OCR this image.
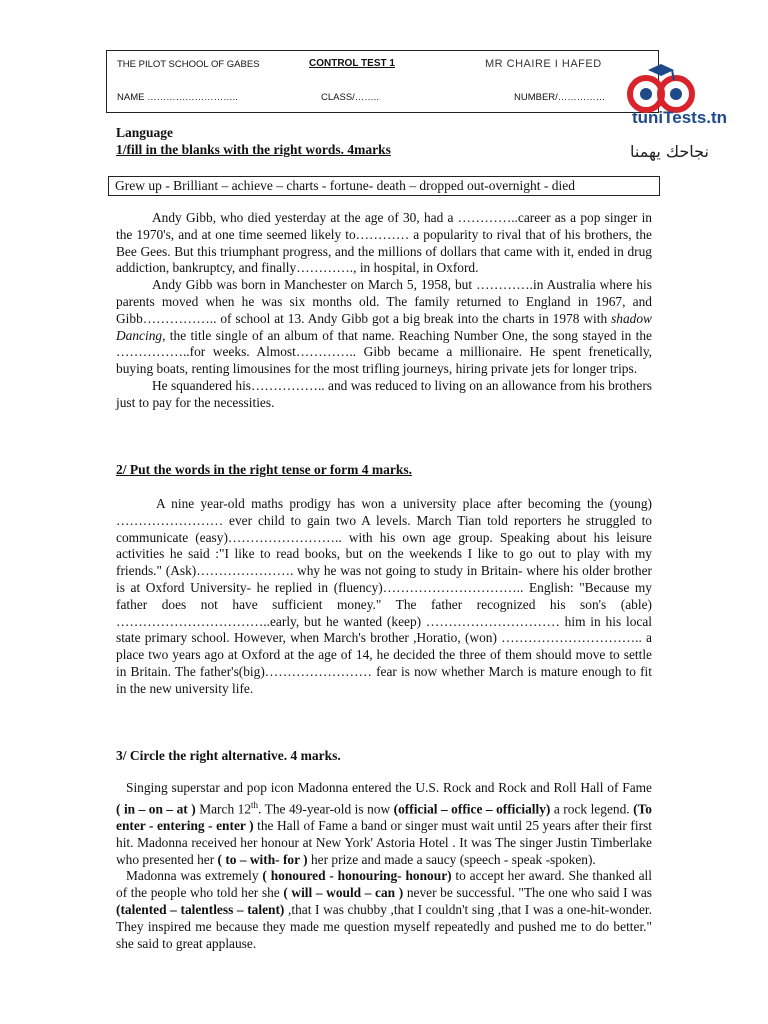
THE PILOT SCHOOL OF GABES	CONTROL TEST 1	MR CHAIRE I HAFED
NAME ………………………..	CLASS/……..	NUMBER/……………
tuniTests.tn
نجاحك يهمنا
Language
1/fill in the blanks with the right words. 4marks
Grew up - Brilliant – achieve – charts - fortune- death – dropped out-overnight - died

Andy Gibb, who died yesterday at the age of 30, had a …………..career as a pop singer in the 1970's, and at one time seemed likely to………… a popularity to rival that of his brothers, the Bee Gees. But this triumphant progress, and the millions of dollars that came with it, ended in drug addiction, bankruptcy, and finally…………., in hospital, in Oxford.

Andy Gibb was born in Manchester on March 5, 1958, but ………….in Australia where his parents moved when he was six months old. The family returned to England in 1967, and Gibb…………….. of school at 13. Andy Gibb got a big break into the charts in 1978 with shadow Dancing, the title single of an album of that name. Reaching Number One, the song stayed in the ……………..for weeks. Almost………….. Gibb became a millionaire. He spent frenetically, buying boats, renting limousines for the most trifling journeys, hiring private jets for longer trips.

He squandered his…………….. and was reduced to living on an allowance from his brothers just to pay for the necessities.

2/ Put the words in the right tense or form 4 marks.

A nine year-old maths prodigy has won a university place after becoming the (young) …………………… ever child to gain two A levels. March Tian told reporters he struggled to communicate (easy)…………………….. with his own age group. Speaking about his leisure activities he said :"I like to read books, but on the weekends I like to go out to play with my friends." (Ask)…………………. why he was not going to study in Britain- where his older brother is at Oxford University- he replied in (fluency)………………………….. English: "Because my father does not have sufficient money." The father recognized his son's (able) ……………………………..early, but he wanted (keep) ………………………… him in his local state primary school. However, when March's brother ,Horatio, (won) ………………………….. a place two years ago at Oxford at the age of 14, he decided the three of them should move to settle in Britain. The father's(big)…………………… fear is now whether March is mature enough to fit in the new university life.

3/ Circle the right alternative. 4 marks.

Singing superstar and pop icon Madonna entered the U.S. Rock and Rock and Roll Hall of Fame ( in – on – at ) March 12th. The 49-year-old is now (official – office – officially) a rock legend. (To enter - entering - enter ) the Hall of Fame a band or singer must wait until 25 years after their first hit. Madonna received her honour at New York' Astoria Hotel . It was The singer Justin Timberlake who presented her ( to – with- for ) her prize and made a saucy (speech - speak -spoken).

Madonna was extremely ( honoured - honouring- honour) to accept her award. She thanked all of the people who told her she ( will – would – can ) never be successful. "The one who said I was (talented – talentless – talent) ,that I was chubby ,that I couldn't sing ,that I was a one-hit-wonder. They inspired me because they made me question myself repeatedly and pushed me to do better." she said to great applause.
